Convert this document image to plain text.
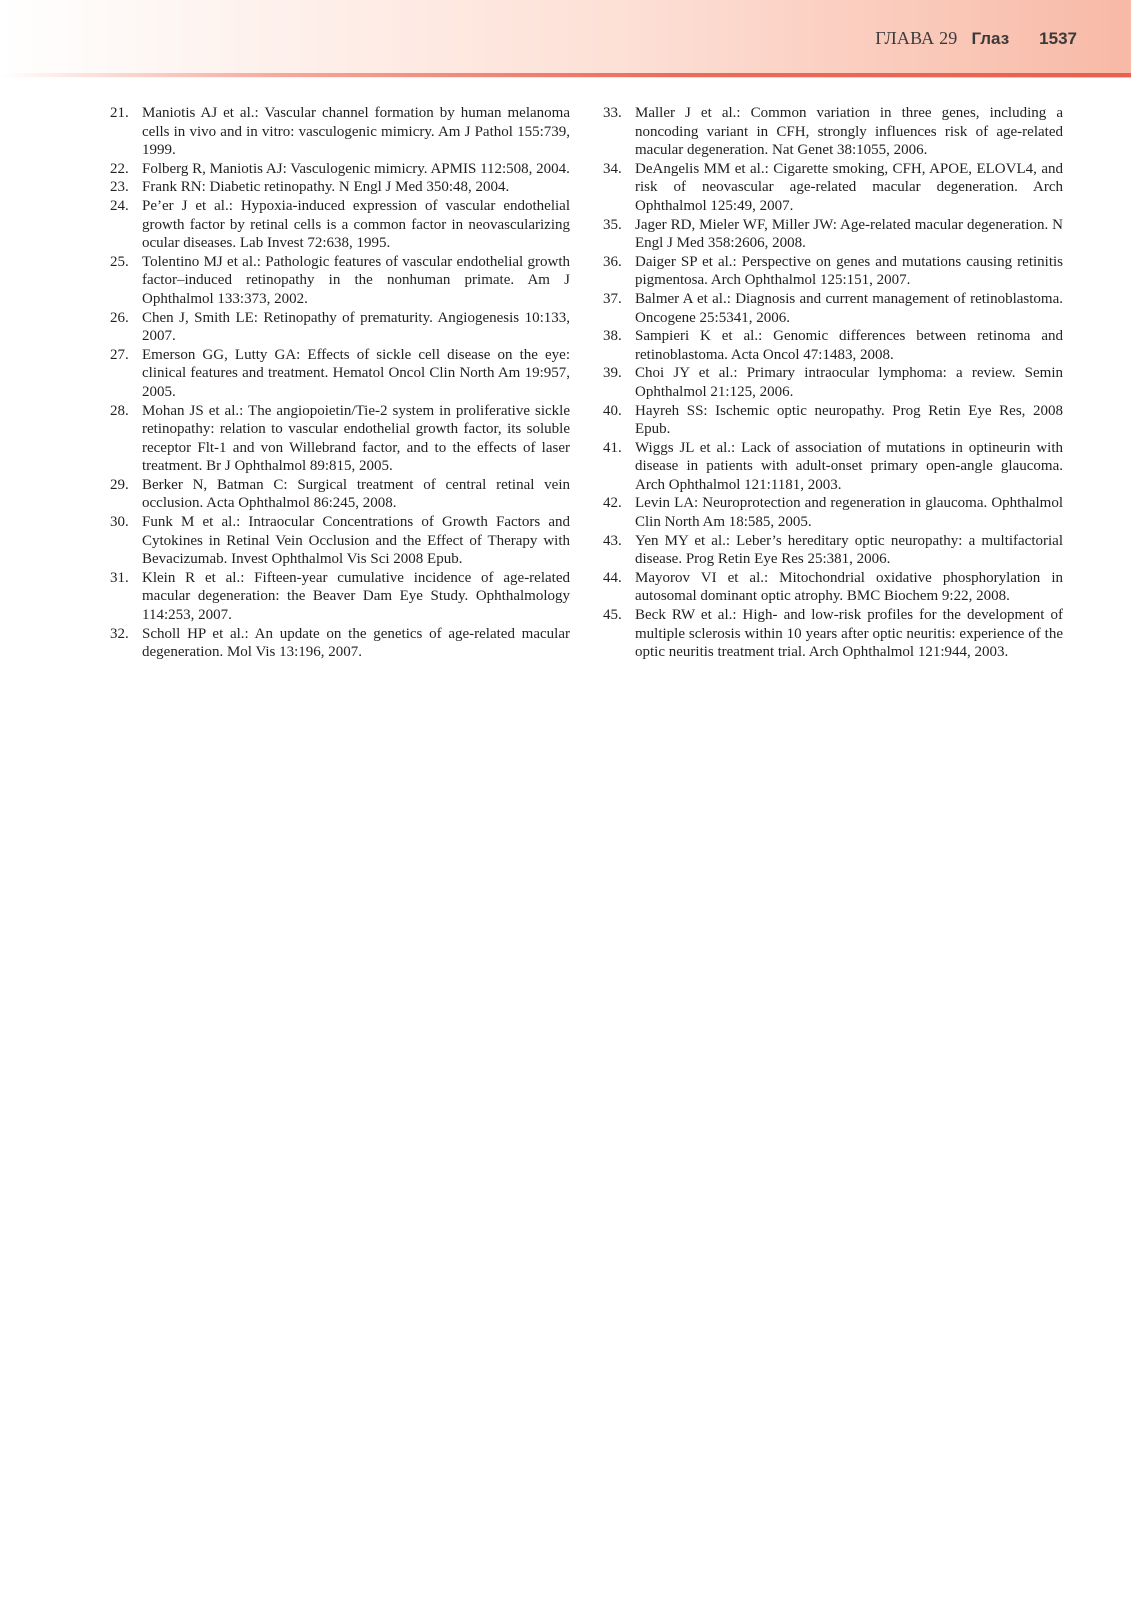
ГЛАВА 29 Глаз 1537
21. Maniotis AJ et al.: Vascular channel formation by human melanoma cells in vivo and in vitro: vasculogenic mimicry. Am J Pathol 155:739, 1999.
22. Folberg R, Maniotis AJ: Vasculogenic mimicry. APMIS 112:508, 2004.
23. Frank RN: Diabetic retinopathy. N Engl J Med 350:48, 2004.
24. Pe’er J et al.: Hypoxia-induced expression of vascular endothelial growth factor by retinal cells is a common factor in neovascularizing ocular diseases. Lab Invest 72:638, 1995.
25. Tolentino MJ et al.: Pathologic features of vascular endothelial growth factor–induced retinopathy in the nonhuman primate. Am J Ophthalmol 133:373, 2002.
26. Chen J, Smith LE: Retinopathy of prematurity. Angiogenesis 10:133, 2007.
27. Emerson GG, Lutty GA: Effects of sickle cell disease on the eye: clinical features and treatment. Hematol Oncol Clin North Am 19:957, 2005.
28. Mohan JS et al.: The angiopoietin/Tie-2 system in proliferative sickle retinopathy: relation to vascular endothelial growth factor, its soluble receptor Flt-1 and von Willebrand factor, and to the effects of laser treatment. Br J Ophthalmol 89:815, 2005.
29. Berker N, Batman C: Surgical treatment of central retinal vein occlusion. Acta Ophthalmol 86:245, 2008.
30. Funk M et al.: Intraocular Concentrations of Growth Factors and Cytokines in Retinal Vein Occlusion and the Effect of Therapy with Bevacizumab. Invest Ophthalmol Vis Sci 2008 Epub.
31. Klein R et al.: Fifteen-year cumulative incidence of age-related macular degeneration: the Beaver Dam Eye Study. Ophthalmology 114:253, 2007.
32. Scholl HP et al.: An update on the genetics of age-related macular degeneration. Mol Vis 13:196, 2007.
33. Maller J et al.: Common variation in three genes, including a noncoding variant in CFH, strongly influences risk of age-related macular degeneration. Nat Genet 38:1055, 2006.
34. DeAngelis MM et al.: Cigarette smoking, CFH, APOE, ELOVL4, and risk of neovascular age-related macular degeneration. Arch Ophthalmol 125:49, 2007.
35. Jager RD, Mieler WF, Miller JW: Age-related macular degeneration. N Engl J Med 358:2606, 2008.
36. Daiger SP et al.: Perspective on genes and mutations causing retinitis pigmentosa. Arch Ophthalmol 125:151, 2007.
37. Balmer A et al.: Diagnosis and current management of retinoblastoma. Oncogene 25:5341, 2006.
38. Sampieri K et al.: Genomic differences between retinoma and retinoblastoma. Acta Oncol 47:1483, 2008.
39. Choi JY et al.: Primary intraocular lymphoma: a review. Semin Ophthalmol 21:125, 2006.
40. Hayreh SS: Ischemic optic neuropathy. Prog Retin Eye Res, 2008 Epub.
41. Wiggs JL et al.: Lack of association of mutations in optineurin with disease in patients with adult-onset primary open-angle glaucoma. Arch Ophthalmol 121:1181, 2003.
42. Levin LA: Neuroprotection and regeneration in glaucoma. Ophthalmol Clin North Am 18:585, 2005.
43. Yen MY et al.: Leber’s hereditary optic neuropathy: a multifactorial disease. Prog Retin Eye Res 25:381, 2006.
44. Mayorov VI et al.: Mitochondrial oxidative phosphorylation in autosomal dominant optic atrophy. BMC Biochem 9:22, 2008.
45. Beck RW et al.: High- and low-risk profiles for the development of multiple sclerosis within 10 years after optic neuritis: experience of the optic neuritis treatment trial. Arch Ophthalmol 121:944, 2003.
